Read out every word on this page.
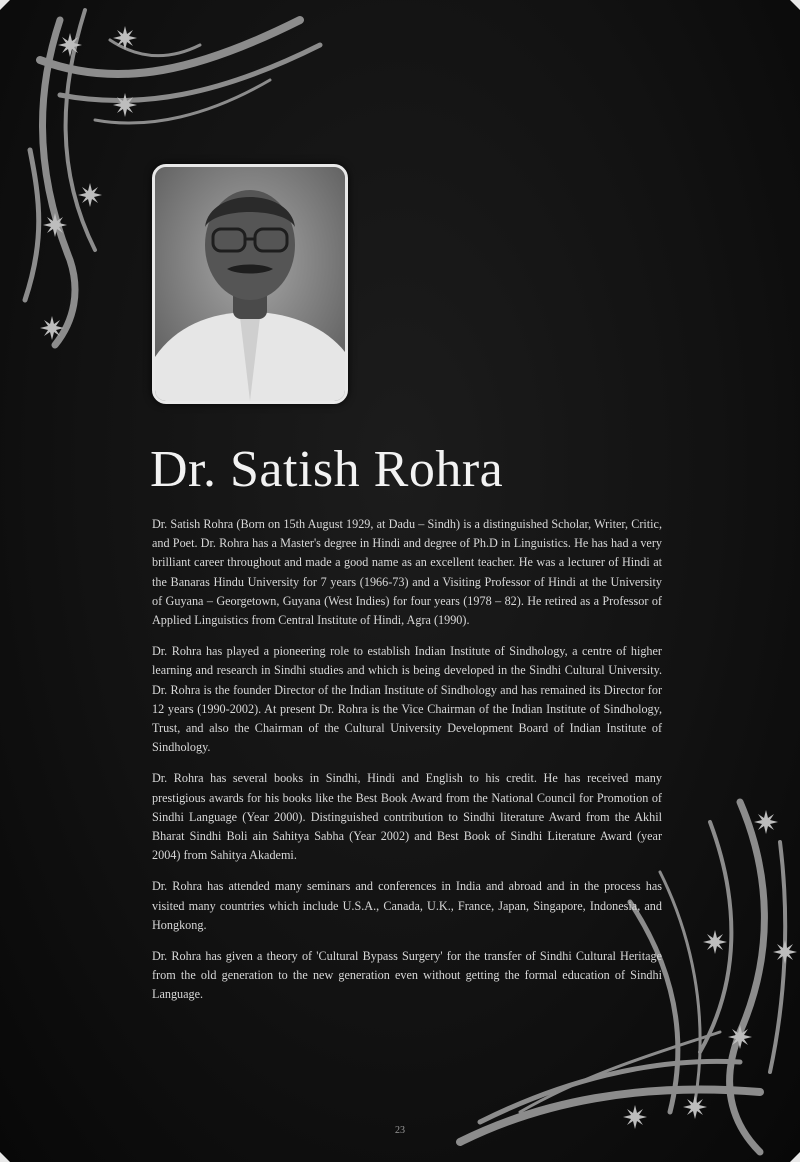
Dr. Satish Rohra

Dr. Satish Rohra (Born on 15th August 1929, at Dadu – Sindh) is a distinguished Scholar, Writer, Critic, and Poet. Dr. Rohra has a Master's degree in Hindi and degree of Ph.D in Linguistics. He has had a very brilliant career throughout and made a good name as an excellent teacher. He was a lecturer of Hindi at the Banaras Hindu University for 7 years (1966-73) and a Visiting Professor of Hindi at the University of Guyana – Georgetown, Guyana (West Indies) for four years (1978 – 82). He retired as a Professor of Applied Linguistics from Central Institute of Hindi, Agra (1990).

Dr. Rohra has played a pioneering role to establish Indian Institute of Sindhology, a centre of higher learning and research in Sindhi studies and which is being developed in the Sindhi Cultural University. Dr. Rohra is the founder Director of the Indian Institute of Sindhology and has remained its Director for 12 years (1990-2002). At present Dr. Rohra is the Vice Chairman of the Indian Institute of Sindhology, Trust, and also the Chairman of the Cultural University Development Board of Indian Institute of Sindhology.

Dr. Rohra has several books in Sindhi, Hindi and English to his credit. He has received many prestigious awards for his books like the Best Book Award from the National Council for Promotion of Sindhi Language (Year 2000). Distinguished contribution to Sindhi literature Award from the Akhil Bharat Sindhi Boli ain Sahitya Sabha (Year 2002) and Best Book of Sindhi Literature Award (year 2004) from Sahitya Akademi.

Dr. Rohra has attended many seminars and conferences in India and abroad and in the process has visited many countries which include U.S.A., Canada, U.K., France, Japan, Singapore, Indonesia, and Hongkong.

Dr. Rohra has given a theory of 'Cultural Bypass Surgery' for the transfer of Sindhi Cultural Heritage from the old generation to the new generation even without getting the formal education of Sindhi Language.

23
